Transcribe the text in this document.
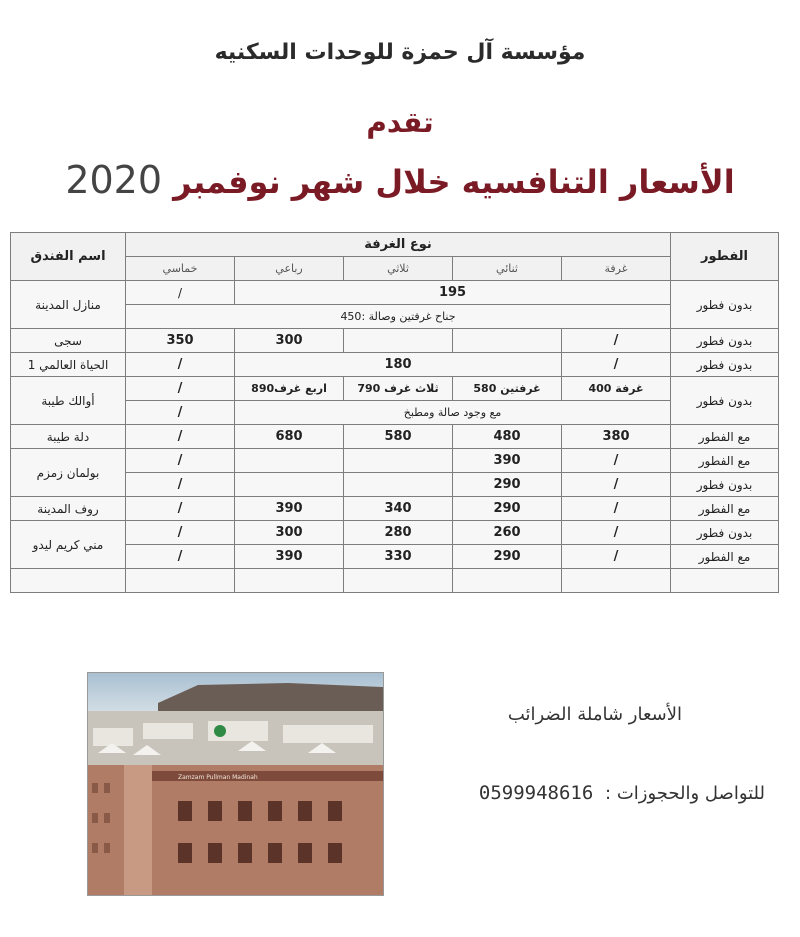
مؤسسة آل حمزة للوحدات السكنيه
تقدم
الأسعار التنافسيه خلال شهر نوفمبر 2020
الفطور	نوع الغرفة					اسم الفندق
	غرفة	ثنائي	ثلاثي	رباعي	خماسي	
بدون فطور	195				/	منازل المدينة
	جناح غرفتين وصالة :450					
بدون فطور	/			300	350	سجى
بدون فطور	/	180			/	الحياة العالمي 1
بدون فطور	غرفة 400	غرفتين 580	ثلاث غرف 790	اربع غرف890	/	أوالك طيبة
	مع وجود صالة ومطبخ				/	
مع الفطور	380	480	580	680	/	دلة طيبة
مع الفطور	/	390			/	بولمان زمزم
بدون فطور	/	290			/	
مع الفطور	/	290	340	390	/	روف المدينة
بدون فطور	/	260	280	300	/	مني كريم ليدو
مع الفطور	/	290	330	390	/	

Zamzam Pullman Madinah
الأسعار شاملة الضرائب
للتواصل والحجوزات : 0599948616
